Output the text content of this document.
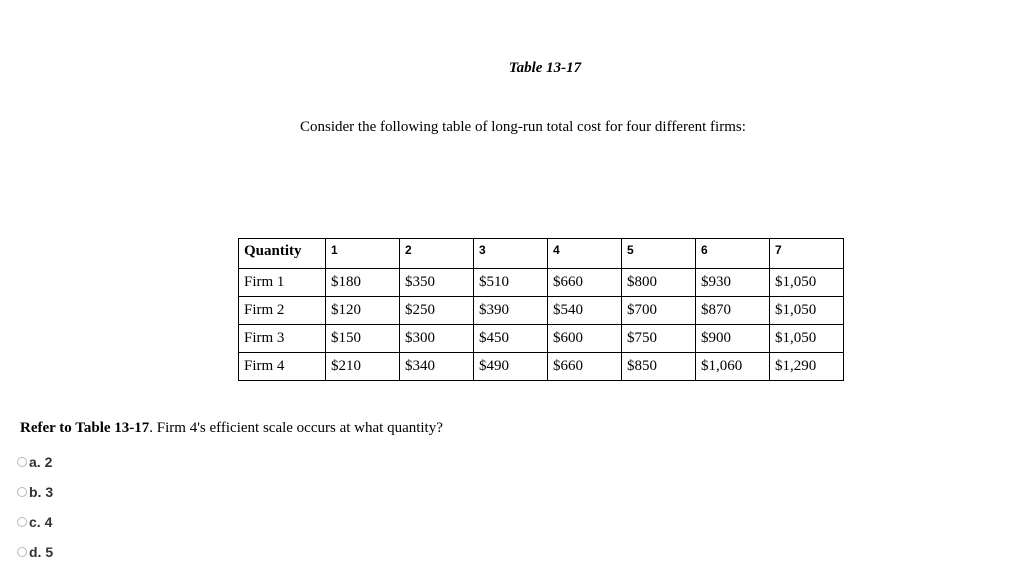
Table 13-17
Consider the following table of long-run total cost for four different firms:
Quantity	1	2	3	4	5	6	7
Firm 1	$180	$350	$510	$660	$800	$930	$1,050
Firm 2	$120	$250	$390	$540	$700	$870	$1,050
Firm 3	$150	$300	$450	$600	$750	$900	$1,050
Firm 4	$210	$340	$490	$660	$850	$1,060	$1,290
Refer to Table 13-17. Firm 4's efficient scale occurs at what quantity?
a.
2
b.
3
c.
4
d.
5
